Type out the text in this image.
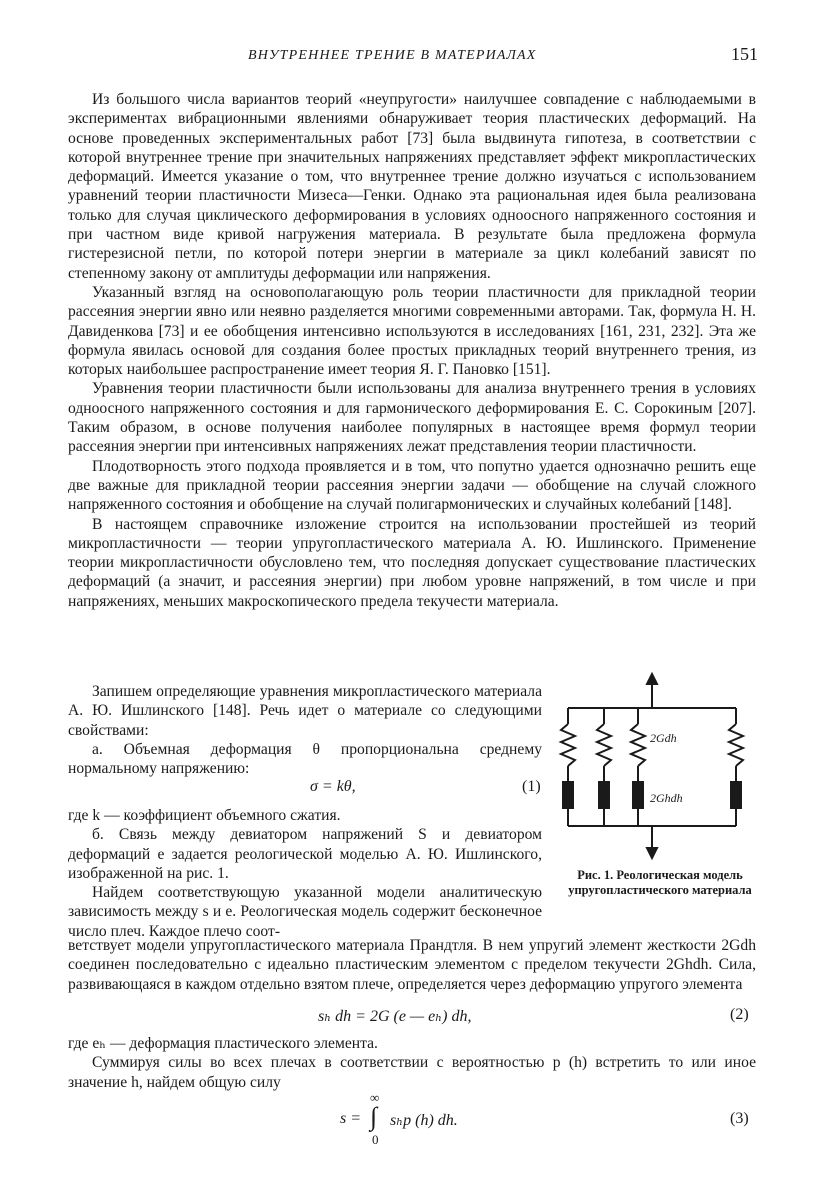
ВНУТРЕННЕЕ ТРЕНИЕ В МАТЕРИАЛАХ	151

Из большого числа вариантов теорий «неупругости» наилучшее совпадение с наблюдаемыми в экспериментах вибрационными явлениями обнаруживает теория пластических деформаций. На основе проведенных экспериментальных работ [73] была выдвинута гипотеза, в соответствии с которой внутреннее трение при значительных напряжениях представляет эффект микропластических деформаций. Имеется указание о том, что внутреннее трение должно изучаться с использованием уравнений теории пластичности Мизеса—Генки. Однако эта рациональная идея была реализована только для случая циклического деформирования в условиях одноосного напряженного состояния и при частном виде кривой нагружения материала. В результате была предложена формула гистерезисной петли, по которой потери энергии в материале за цикл колебаний зависят по степенному закону от амплитуды деформации или напряжения.

Указанный взгляд на основополагающую роль теории пластичности для прикладной теории рассеяния энергии явно или неявно разделяется многими современными авторами. Так, формула Н. Н. Давиденкова [73] и ее обобщения интенсивно используются в исследованиях [161, 231, 232]. Эта же формула явилась основой для создания более простых прикладных теорий внутреннего трения, из которых наибольшее распространение имеет теория Я. Г. Пановко [151].

Уравнения теории пластичности были использованы для анализа внутреннего трения в условиях одноосного напряженного состояния и для гармонического деформирования Е. С. Сорокиным [207]. Таким образом, в основе получения наиболее популярных в настоящее время формул теории рассеяния энергии при интенсивных напряжениях лежат представления теории пластичности.

Плодотворность этого подхода проявляется и в том, что попутно удается однозначно решить еще две важные для прикладной теории рассеяния энергии задачи — обобщение на случай сложного напряженного состояния и обобщение на случай полигармонических и случайных колебаний [148].

В настоящем справочнике изложение строится на использовании простейшей из теорий микропластичности — теории упругопластического материала А. Ю. Ишлинского. Применение теории микропластичности обусловлено тем, что последняя допускает существование пластических деформаций (а значит, и рассеяния энергии) при любом уровне напряжений, в том числе и при напряжениях, меньших макроскопического предела текучести материала.

Запишем определяющие уравнения микропластического материала А. Ю. Ишлинского [148]. Речь идет о материале со следующими свойствами:

а. Объемная деформация θ пропорциональна среднему нормальному напряжению:

σ = kθ,	(1)

где k — коэффициент объемного сжатия.

б. Связь между девиатором напряжений S и девиатором деформаций e задается реологической моделью А. Ю. Ишлинского, изображенной на рис. 1.

Найдем соответствующую указанной модели аналитическую зависимость между s и e. Реологическая модель содержит бесконечное число плеч. Каждое плечо соот-

2Gdh
2Ghdh
Рис. 1. Реологическая модель упругопластического материала

ветствует модели упругопластического материала Прандтля. В нем упругий элемент жесткости 2Gdh соединен последовательно с идеально пластическим элементом с пределом текучести 2Ghdh. Сила, развивающаяся в каждом отдельно взятом плече, определяется через деформацию упругого элемента

sₕ dh = 2G (e — eₕ) dh,	(2)

где eₕ — деформация пластического элемента.

Суммируя силы во всех плечах в соответствии с вероятностью p (h) встретить то или иное значение h, найдем общую силу

s =
∞
∫
0
sₕp (h) dh.	(3)
